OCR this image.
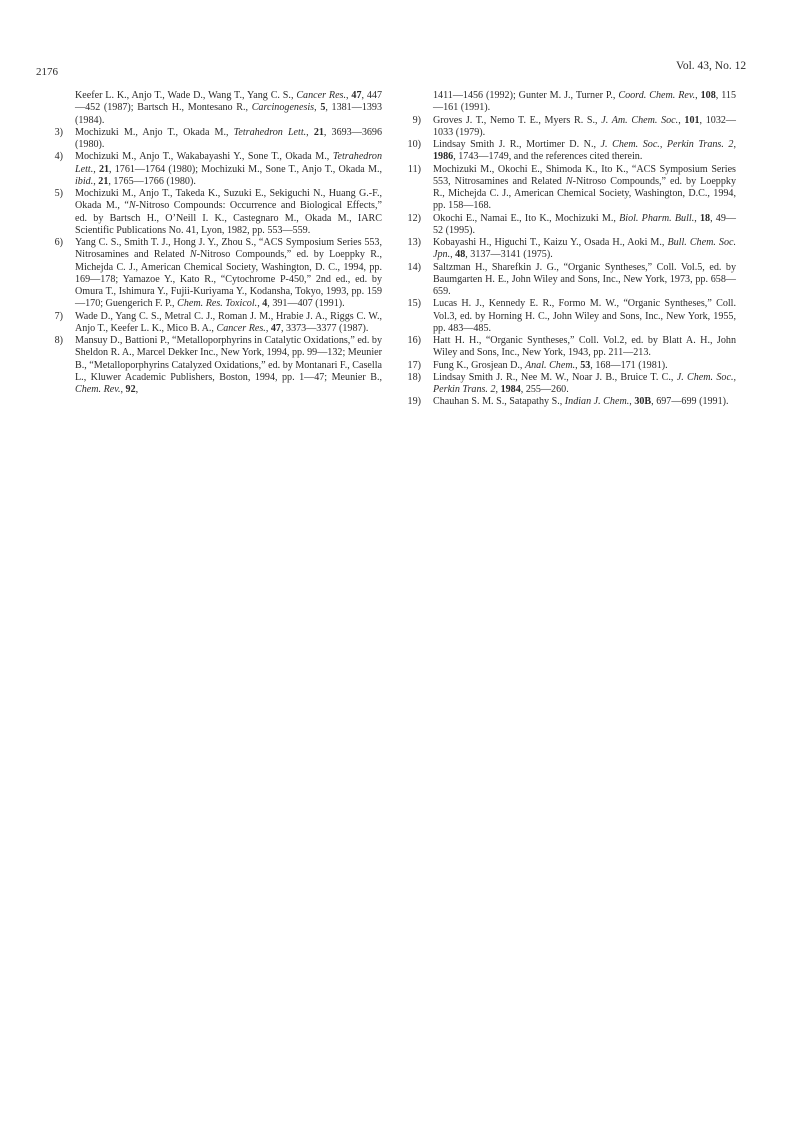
2176	Vol. 43, No. 12
Keefer L. K., Anjo T., Wade D., Wang T., Yang C. S., Cancer Res., 47, 447—452 (1987); Bartsch H., Montesano R., Carcinogenesis, 5, 1381—1393 (1984).
3) Mochizuki M., Anjo T., Okada M., Tetrahedron Lett., 21, 3693—3696 (1980).
4) Mochizuki M., Anjo T., Wakabayashi Y., Sone T., Okada M., Tetrahedron Lett., 21, 1761—1764 (1980); Mochizuki M., Sone T., Anjo T., Okada M., ibid., 21, 1765—1766 (1980).
5) Mochizuki M., Anjo T., Takeda K., Suzuki E., Sekiguchi N., Huang G.-F., Okada M., “N-Nitroso Compounds: Occurrence and Biological Effects,” ed. by Bartsch H., O’Neill I. K., Castegnaro M., Okada M., IARC Scientific Publications No. 41, Lyon, 1982, pp. 553—559.
6) Yang C. S., Smith T. J., Hong J. Y., Zhou S., “ACS Symposium Series 553, Nitrosamines and Related N-Nitroso Compounds,” ed. by Loeppky R., Michejda C. J., American Chemical Society, Washington, D. C., 1994, pp. 169—178; Yamazoe Y., Kato R., “Cytochrome P-450,” 2nd ed., ed. by Omura T., Ishimura Y., Fujii-Kuriyama Y., Kodansha, Tokyo, 1993, pp. 159—170; Guengerich F. P., Chem. Res. Toxicol., 4, 391—407 (1991).
7) Wade D., Yang C. S., Metral C. J., Roman J. M., Hrabie J. A., Riggs C. W., Anjo T., Keefer L. K., Mico B. A., Cancer Res., 47, 3373—3377 (1987).
8) Mansuy D., Battioni P., “Metalloporphyrins in Catalytic Oxidations,” ed. by Sheldon R. A., Marcel Dekker Inc., New York, 1994, pp. 99—132; Meunier B., “Metalloporphyrins Catalyzed Oxidations,” ed. by Montanari F., Casella L., Kluwer Academic Publishers, Boston, 1994, pp. 1—47; Meunier B., Chem. Rev., 92,
1411—1456 (1992); Gunter M. J., Turner P., Coord. Chem. Rev., 108, 115—161 (1991).
9) Groves J. T., Nemo T. E., Myers R. S., J. Am. Chem. Soc., 101, 1032—1033 (1979).
10) Lindsay Smith J. R., Mortimer D. N., J. Chem. Soc., Perkin Trans. 2, 1986, 1743—1749, and the references cited therein.
11) Mochizuki M., Okochi E., Shimoda K., Ito K., “ACS Symposium Series 553, Nitrosamines and Related N-Nitroso Compounds,” ed. by Loeppky R., Michejda C. J., American Chemical Society, Washington, D.C., 1994, pp. 158—168.
12) Okochi E., Namai E., Ito K., Mochizuki M., Biol. Pharm. Bull., 18, 49—52 (1995).
13) Kobayashi H., Higuchi T., Kaizu Y., Osada H., Aoki M., Bull. Chem. Soc. Jpn., 48, 3137—3141 (1975).
14) Saltzman H., Sharefkin J. G., “Organic Syntheses,” Coll. Vol.5, ed. by Baumgarten H. E., John Wiley and Sons, Inc., New York, 1973, pp. 658—659.
15) Lucas H. J., Kennedy E. R., Formo M. W., “Organic Syntheses,” Coll. Vol.3, ed. by Horning H. C., John Wiley and Sons, Inc., New York, 1955, pp. 483—485.
16) Hatt H. H., “Organic Syntheses,” Coll. Vol.2, ed. by Blatt A. H., John Wiley and Sons, Inc., New York, 1943, pp. 211—213.
17) Fung K., Grosjean D., Anal. Chem., 53, 168—171 (1981).
18) Lindsay Smith J. R., Nee M. W., Noar J. B., Bruice T. C., J. Chem. Soc., Perkin Trans. 2, 1984, 255—260.
19) Chauhan S. M. S., Satapathy S., Indian J. Chem., 30B, 697—699 (1991).
